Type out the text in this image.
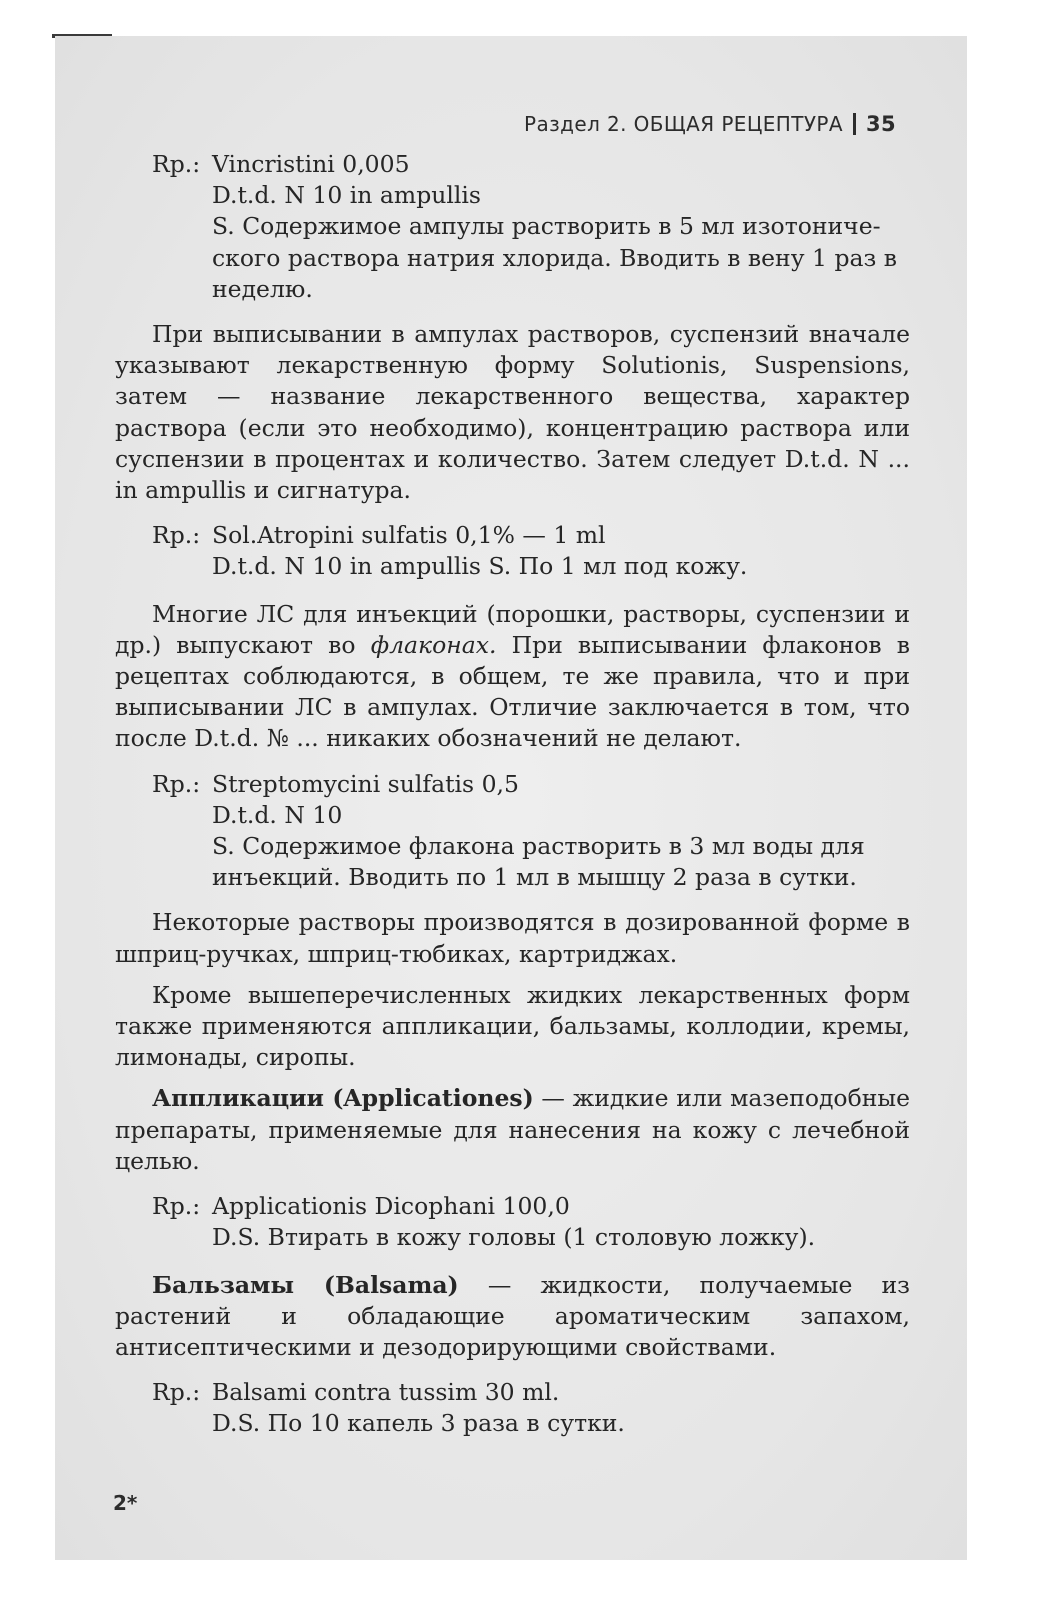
Раздел 2. ОБЩАЯ РЕЦЕПТУРА 35
Rp.: Vincristini 0,005
D.t.d. N 10 in ampullis
S. Содержимое ампулы растворить в 5 мл изотониче-ского раствора натрия хлорида. Вводить в вену 1 раз в неделю.

При выписывании в ампулах растворов, суспензий вначале указывают лекарственную форму Solutionis, Suspensions, затем — название лекарственного вещества, характер раствора (если это необходимо), концентрацию раствора или суспензии в процентах и количество. Затем следует D.t.d. N ... in ampullis и сигнатура.

Rp.: Sol.Atropini sulfatis 0,1% — 1 ml
D.t.d. N 10 in ampullis S. По 1 мл под кожу.

Многие ЛС для инъекций (порошки, растворы, суспензии и др.) выпускают во флаконах. При выписывании флаконов в рецептах соблюдаются, в общем, те же правила, что и при выписывании ЛС в ампулах. Отличие заключается в том, что после D.t.d. № ... никаких обозначений не делают.

Rp.: Streptomycini sulfatis 0,5
D.t.d. N 10
S. Содержимое флакона растворить в 3 мл воды для инъекций. Вводить по 1 мл в мышцу 2 раза в сутки.

Некоторые растворы производятся в дозированной форме в шприц-ручках, шприц-тюбиках, картриджах.

Кроме вышеперечисленных жидких лекарственных форм также применяются аппликации, бальзамы, коллодии, кремы, лимонады, сиропы.

Аппликации (Applicationes) — жидкие или мазеподобные препараты, применяемые для нанесения на кожу с лечебной целью.

Rp.: Applicationis Dicophani 100,0
D.S. Втирать в кожу головы (1 столовую ложку).

Бальзамы (Balsama) — жидкости, получаемые из растений и обладающие ароматическим запахом, антисептическими и дезодорирующими свойствами.

Rp.: Balsami contra tussim 30 ml.
D.S. По 10 капель 3 раза в сутки.
2*
